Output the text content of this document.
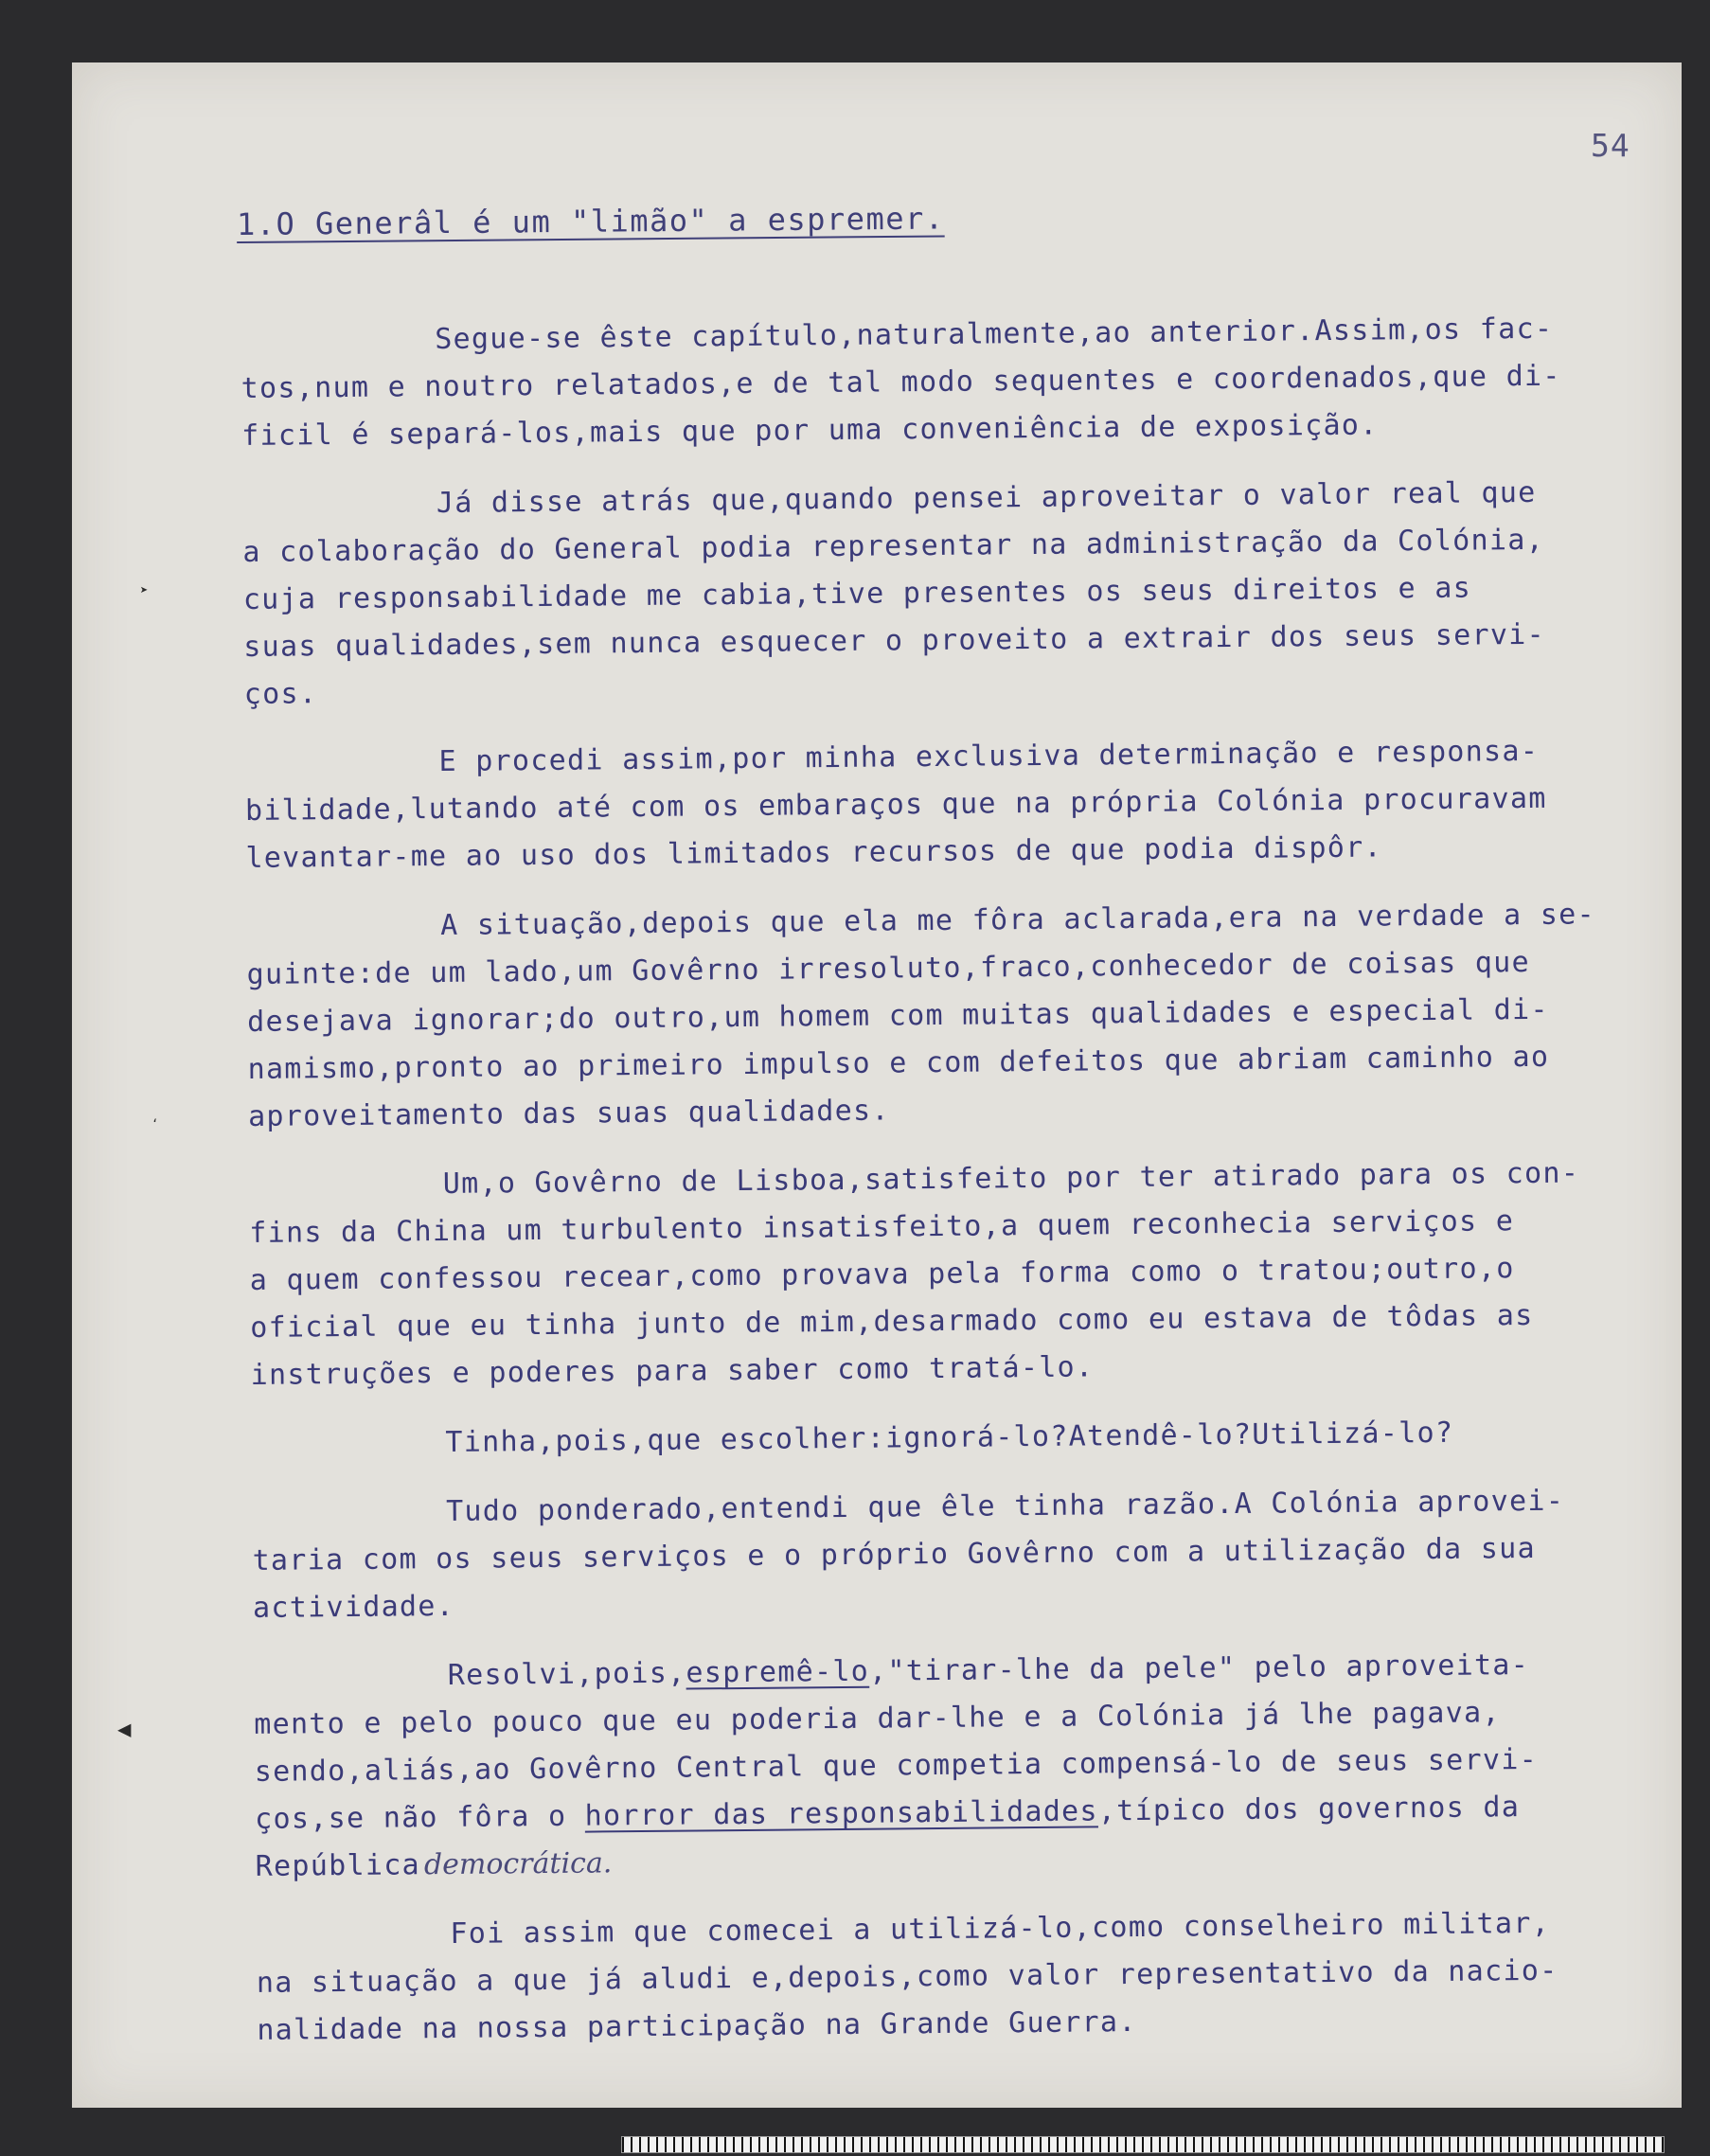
54
1.O Generâl é um "limão" a espremer.
➤
ʻ
◀

Segue-se êste capítulo,naturalmente,ao anterior.Assim,os fac-
tos,num e noutro relatados,e de tal modo sequentes e coordenados,que di-
ficil é separá-los,mais que por uma conveniência de exposição.

Já disse atrás que,quando pensei aproveitar o valor real que
a colaboração do General podia representar na administração da Colónia,
cuja responsabilidade me cabia,tive presentes os seus direitos e as
suas qualidades,sem nunca esquecer o proveito a extrair dos seus servi-
ços.

E procedi assim,por minha exclusiva determinação e responsa-
bilidade,lutando até com os embaraços que na própria Colónia procuravam
levantar-me ao uso dos limitados recursos de que podia dispôr.

A situação,depois que ela me fôra aclarada,era na verdade a se-
guinte:de um lado,um Govêrno irresoluto,fraco,conhecedor de coisas que
desejava ignorar;do outro,um homem com muitas qualidades e especial di-
namismo,pronto ao primeiro impulso e com defeitos que abriam caminho ao
aproveitamento das suas qualidades.

Um,o Govêrno de Lisboa,satisfeito por ter atirado para os con-
fins da China um turbulento insatisfeito,a quem reconhecia serviços e
a quem confessou recear,como provava pela forma como o tratou;outro,o
oficial que eu tinha junto de mim,desarmado como eu estava de tôdas as
instruções e poderes para saber como tratá-lo.

Tinha,pois,que escolher:ignorá-lo?Atendê-lo?Utilizá-lo?

Tudo ponderado,entendi que êle tinha razão.A Colónia aprovei-
taria com os seus serviços e o próprio Govêrno com a utilização da sua
actividade.

Resolvi,pois,espremê-lo,"tirar-lhe da pele" pelo aproveita-
mento e pelo pouco que eu poderia dar-lhe e a Colónia já lhe pagava,
sendo,aliás,ao Govêrno Central que competia compensá-lo de seus servi-
ços,se não fôra o horror das responsabilidades,típico dos governos da
República democrática.

Foi assim que comecei a utilizá-lo,como conselheiro militar,
na situação a que já aludi e,depois,como valor representativo da nacio-
nalidade na nossa participação na Grande Guerra.
